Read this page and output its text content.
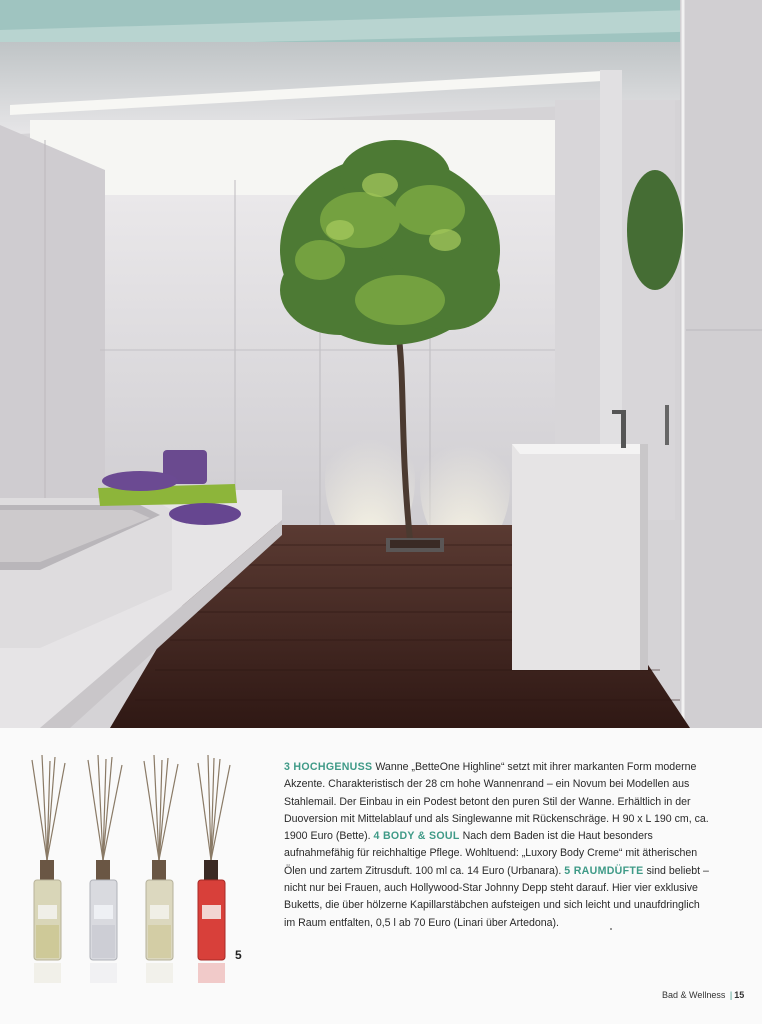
5
3 HOCHGENUSS Wanne „BetteOne Highline“ setzt mit ihrer markanten Form moderne Akzente. Charakteristisch der 28 cm hohe Wannenrand – ein Novum bei Modellen aus Stahlemail. Der Einbau in ein Podest betont den puren Stil der Wanne. Erhältlich in der Duoversion mit Mittelablauf und als Singlewanne mit Rückenschräge. H 90 x L 190 cm, ca. 1900 Euro (Bette). 4 BODY & SOUL Nach dem Baden ist die Haut besonders aufnahmefähig für reichhaltige Pflege. Wohltuend: „Luxory Body Creme“ mit ätherischen Ölen und zartem Zitrusduft. 100 ml ca. 14 Euro (Urbanara). 5 RAUMDÜFTE sind beliebt –nicht nur bei Frauen, auch Hollywood-Star Johnny Depp steht darauf. Hier vier exklusive Buketts, die über hölzerne Kapillarstäbchen aufsteigen und sich leicht und unaufdringlich im Raum entfalten, 0,5 l ab 70 Euro (Linari über Artedona).
Bad & Wellness | 15
